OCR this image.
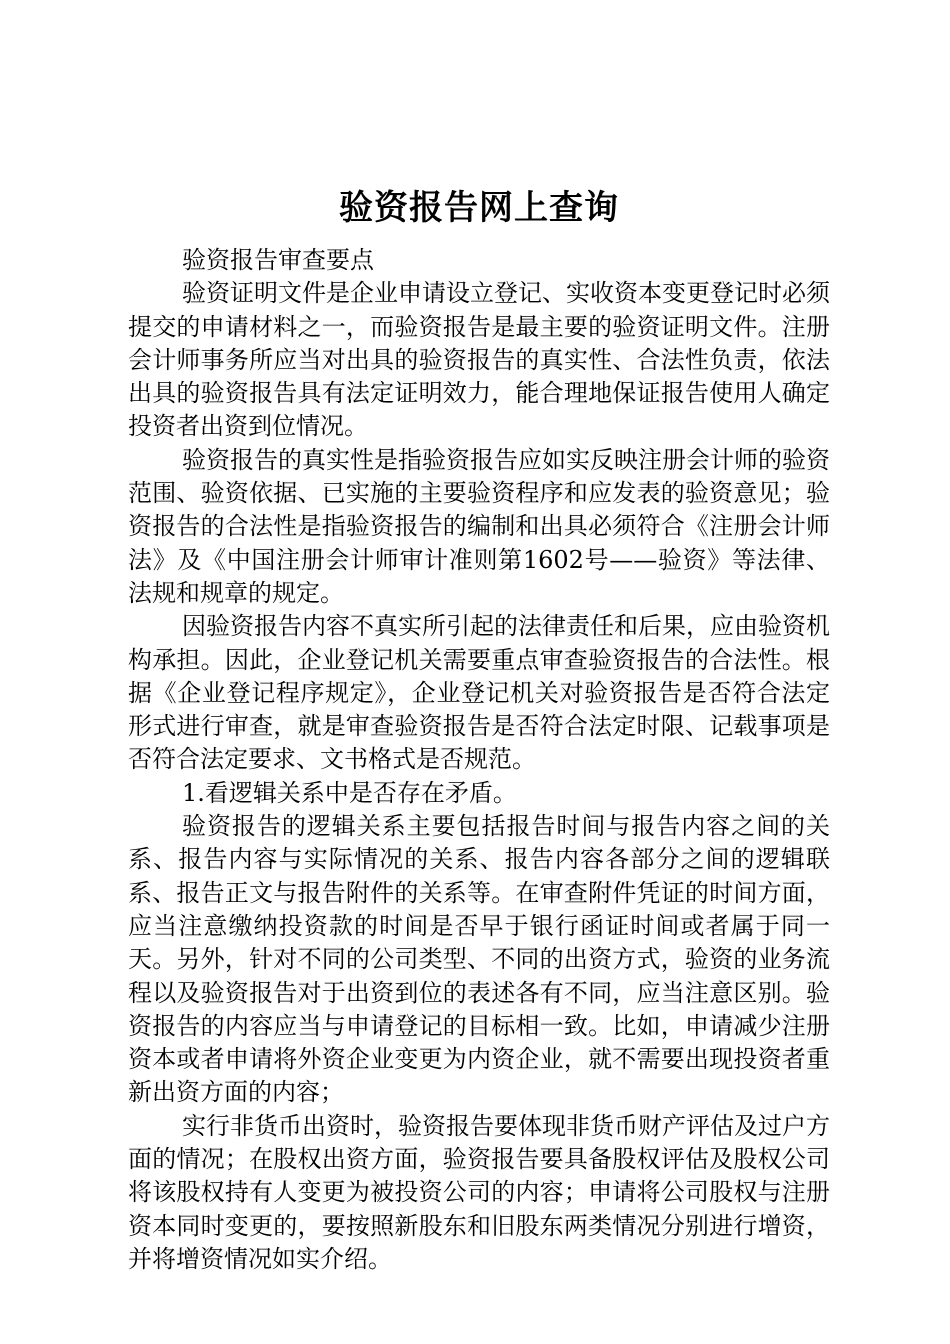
验资报告网上查询

验资报告审查要点

验资证明文件是企业申请设立登记、实收资本变更登记时必须提交的申请材料之一，而验资报告是最主要的验资证明文件。注册会计师事务所应当对出具的验资报告的真实性、合法性负责，依法出具的验资报告具有法定证明效力，能合理地保证报告使用人确定投资者出资到位情况。

验资报告的真实性是指验资报告应如实反映注册会计师的验资范围、验资依据、已实施的主要验资程序和应发表的验资意见；验资报告的合法性是指验资报告的编制和出具必须符合《注册会计师法》及《中国注册会计师审计准则第1602号——验资》等法律、法规和规章的规定。

因验资报告内容不真实所引起的法律责任和后果，应由验资机构承担。因此，企业登记机关需要重点审查验资报告的合法性。根据《企业登记程序规定》，企业登记机关对验资报告是否符合法定形式进行审查，就是审查验资报告是否符合法定时限、记载事项是否符合法定要求、文书格式是否规范。

1.看逻辑关系中是否存在矛盾。

验资报告的逻辑关系主要包括报告时间与报告内容之间的关系、报告内容与实际情况的关系、报告内容各部分之间的逻辑联系、报告正文与报告附件的关系等。在审查附件凭证的时间方面，应当注意缴纳投资款的时间是否早于银行函证时间或者属于同一天。另外，针对不同的公司类型、不同的出资方式，验资的业务流程以及验资报告对于出资到位的表述各有不同，应当注意区别。验资报告的内容应当与申请登记的目标相一致。比如，申请减少注册资本或者申请将外资企业变更为内资企业，就不需要出现投资者重新出资方面的内容；

实行非货币出资时，验资报告要体现非货币财产评估及过户方面的情况；在股权出资方面，验资报告要具备股权评估及股权公司将该股权持有人变更为被投资公司的内容；申请将公司股权与注册资本同时变更的，要按照新股东和旧股东两类情况分别进行增资，并将增资情况如实介绍。
